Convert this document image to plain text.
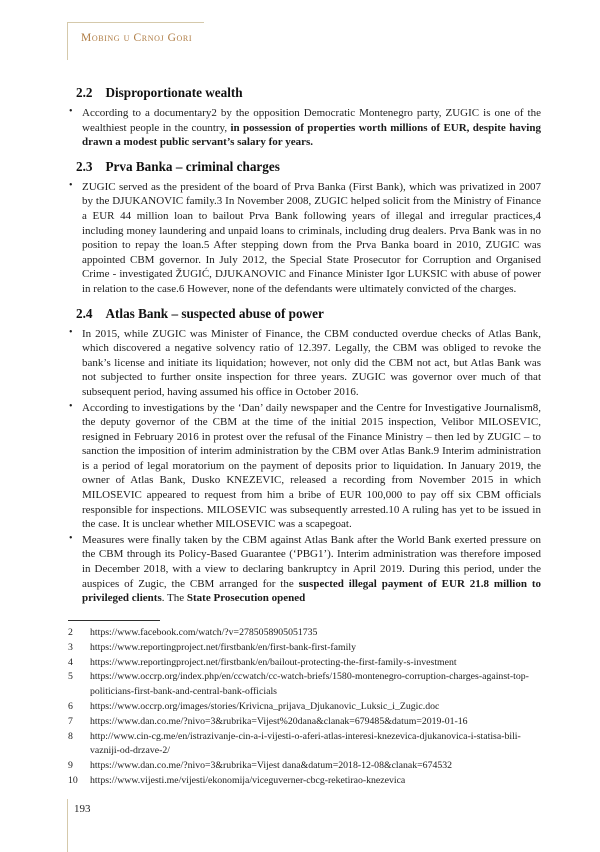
Mobing u Crnoj Gori
2.2 Disproportionate wealth
• According to a documentary2 by the opposition Democratic Montenegro party, ZUGIC is one of the wealthiest people in the country, in possession of properties worth millions of EUR, despite having drawn a modest public servant’s salary for years.
2.3 Prva Banka – criminal charges
• ZUGIC served as the president of the board of Prva Banka (First Bank), which was privatized in 2007 by the DJUKANOVIC family.3 In November 2008, ZUGIC helped solicit from the Ministry of Finance a EUR 44 million loan to bailout Prva Bank following years of illegal and irregular practices,4 including money laundering and unpaid loans to criminals, including drug dealers. Prva Bank was in no position to repay the loan.5 After stepping down from the Prva Banka board in 2010, ZUGIC was appointed CBM governor. In July 2012, the Special State Prosecutor for Corruption and Organised Crime - investigated ŽUGIĆ, DJUKANOVIC and Finance Minister Igor LUKSIC with abuse of power in relation to the case.6 However, none of the defendants were ultimately convicted of the charges.
2.4 Atlas Bank – suspected abuse of power
• In 2015, while ZUGIC was Minister of Finance, the CBM conducted overdue checks of Atlas Bank, which discovered a negative solvency ratio of 12.397. Legally, the CBM was obliged to revoke the bank’s license and initiate its liquidation; however, not only did the CBM not act, but Atlas Bank was not subjected to further onsite inspection for three years. ZUGIC was governor over much of that subsequent period, having assumed his office in October 2016.
• According to investigations by the ‘Dan’ daily newspaper and the Centre for Investigative Journalism8, the deputy governor of the CBM at the time of the initial 2015 inspection, Velibor MILOSEVIC, resigned in February 2016 in protest over the refusal of the Finance Ministry – then led by ZUGIC – to sanction the imposition of interim administration by the CBM over Atlas Bank.9 Interim administration is a period of legal moratorium on the payment of deposits prior to liquidation. In January 2019, the owner of Atlas Bank, Dusko KNEZEVIC, released a recording from November 2015 in which MILOSEVIC appeared to request from him a bribe of EUR 100,000 to pay off six CBM officials responsible for inspections. MILOSEVIC was subsequently arrested.10 A ruling has yet to be issued in the case. It is unclear whether MILOSEVIC was a scapegoat.
• Measures were finally taken by the CBM against Atlas Bank after the World Bank exerted pressure on the CBM through its Policy-Based Guarantee (‘PBG1’). Interim administration was therefore imposed in December 2018, with a view to declaring bankruptcy in April 2019. During this period, under the auspices of Zugic, the CBM arranged for the suspected illegal payment of EUR 21.8 million to privileged clients. The State Prosecution opened
2	https://www.facebook.com/watch/?v=2785058905051735
3	https://www.reportingproject.net/firstbank/en/first-bank-first-family
4	https://www.reportingproject.net/firstbank/en/bailout-protecting-the-first-family-s-investment
5	https://www.occrp.org/index.php/en/ccwatch/cc-watch-briefs/1580-montenegro-corruption-charges-against-top-politicians-first-bank-and-central-bank-officials
6	https://www.occrp.org/images/stories/Krivicna_prijava_Djukanovic_Luksic_i_Zugic.doc
7	https://www.dan.co.me/?nivo=3&rubrika=Vijest%20dana&clanak=679485&datum=2019-01-16
8	http://www.cin-cg.me/en/istrazivanje-cin-a-i-vijesti-o-aferi-atlas-interesi-knezevica-djukanovica-i-statisa-bili-vazniji-od-drzave-2/
9	https://www.dan.co.me/?nivo=3&rubrika=Vijest dana&datum=2018-12-08&clanak=674532
10	https://www.vijesti.me/vijesti/ekonomija/viceguverner-cbcg-reketirao-knezevica
193
